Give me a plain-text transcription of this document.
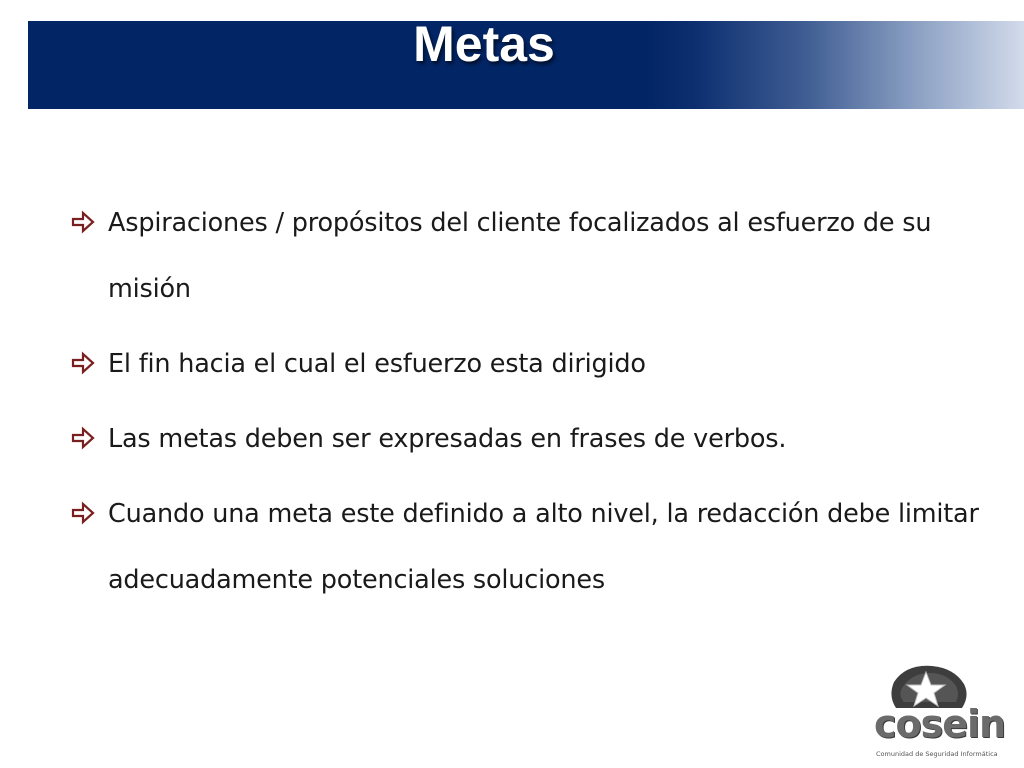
Metas
Aspiraciones / propósitos del cliente focalizados al esfuerzo de su misión
El fin hacia el cual el esfuerzo esta dirigido
Las metas deben ser expresadas en frases de verbos.
Cuando una meta este definido a alto nivel, la redacción debe limitar adecuadamente potenciales soluciones
cosein
Comunidad de Seguridad Informática
